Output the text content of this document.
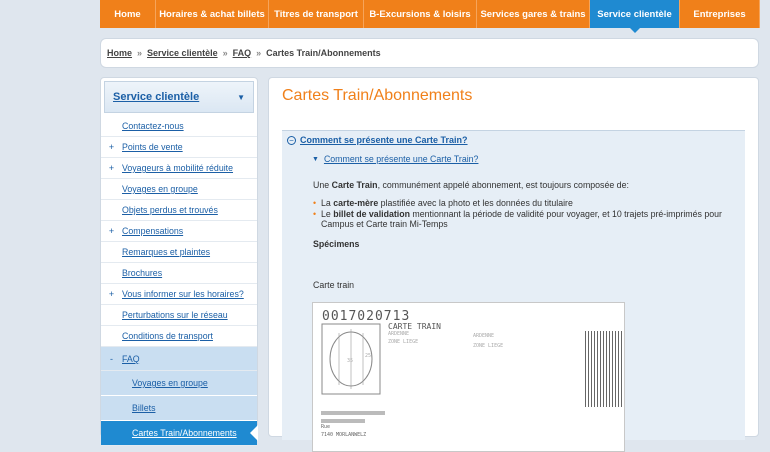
Home	Horaires & achat billets Titres de transport	B-Excursions & loisirs	Services gares & trains	Service clientèle	Entreprises
Home » Service clientèle » FAQ » Cartes Train/Abonnements
Service clientèle	▼
Contactez-nous
+ Points de vente
+ Voyageurs à mobilité réduite
Voyages en groupe
Objets perdus et trouvés
+ Compensations
Remarques et plaintes
Brochures
+ Vous informer sur les horaires?
Perturbations sur le réseau
Conditions de transport
-	FAQ
Voyages en groupe
Billets
Cartes Train/Abonnements
Cartes Train/Abonnements
− Comment se présente une Carte Train?
▼ Comment se présente une Carte Train?

Une Carte Train, communément appelé abonnement, est toujours composée de:

• La carte-mère plastifiée avec la photo et les données du titulaire
• Le billet de validation mentionnant la période de validité pour voyager, et 10 trajets pré-imprimés pour Campus et Carte train Mi-Temps

Spécimens

Carte train

0017020713
25
35
CARTE TRAIN
ARDENNE
ZONE LIEGE
ARDENNE
ZONE LIEGE
Rue
7140 MORLANWELZ
